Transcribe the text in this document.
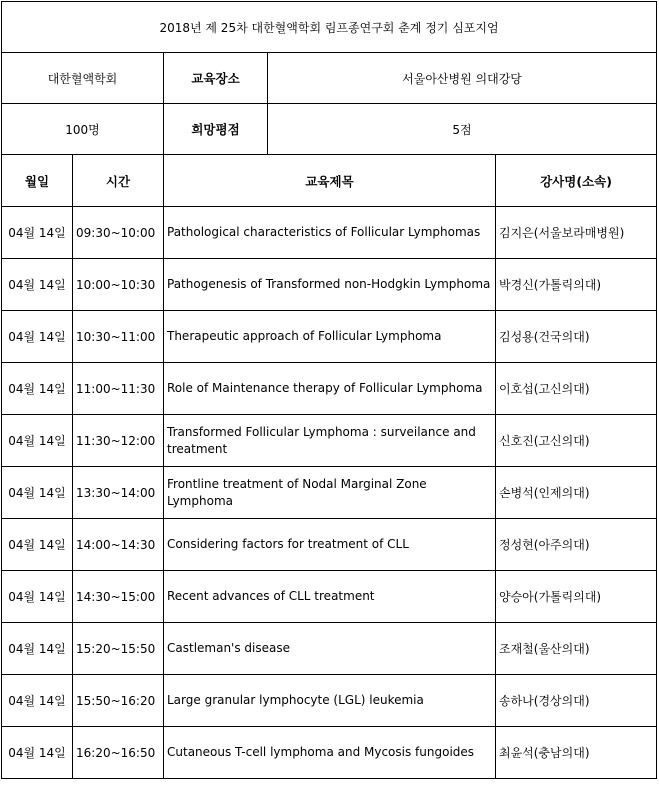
2018년 제 25차 대한혈액학회 림프종연구회 춘계 정기 심포지엄				
대한혈액학회		교육장소	서울아산병원 의대강당	
100명		희망평점	5점	
월일	시간	교육제목		강사명(소속)
04월 14일	09:30~10:00	Pathological characteristics of Follicular Lymphomas		김지은(서울보라매병원)
04월 14일	10:00~10:30	Pathogenesis of Transformed non-Hodgkin Lymphoma		박경신(가톨릭의대)
04월 14일	10:30~11:00	Therapeutic approach of Follicular Lymphoma		김성용(건국의대)
04월 14일	11:00~11:30	Role of Maintenance therapy of Follicular Lymphoma		이호섭(고신의대)
04월 14일	11:30~12:00	Transformed Follicular Lymphoma : surveilance and treatment		신호진(고신의대)
04월 14일	13:30~14:00	Frontline treatment of Nodal Marginal Zone Lymphoma		손병석(인제의대)
04월 14일	14:00~14:30	Considering factors for treatment of CLL		정성현(아주의대)
04월 14일	14:30~15:00	Recent advances of CLL treatment		양승아(가톨릭의대)
04월 14일	15:20~15:50	Castleman's disease		조재철(울산의대)
04월 14일	15:50~16:20	Large granular lymphocyte (LGL) leukemia		송하나(경상의대)
04월 14일	16:20~16:50	Cutaneous T-cell lymphoma and Mycosis fungoides		최윤석(충남의대)
